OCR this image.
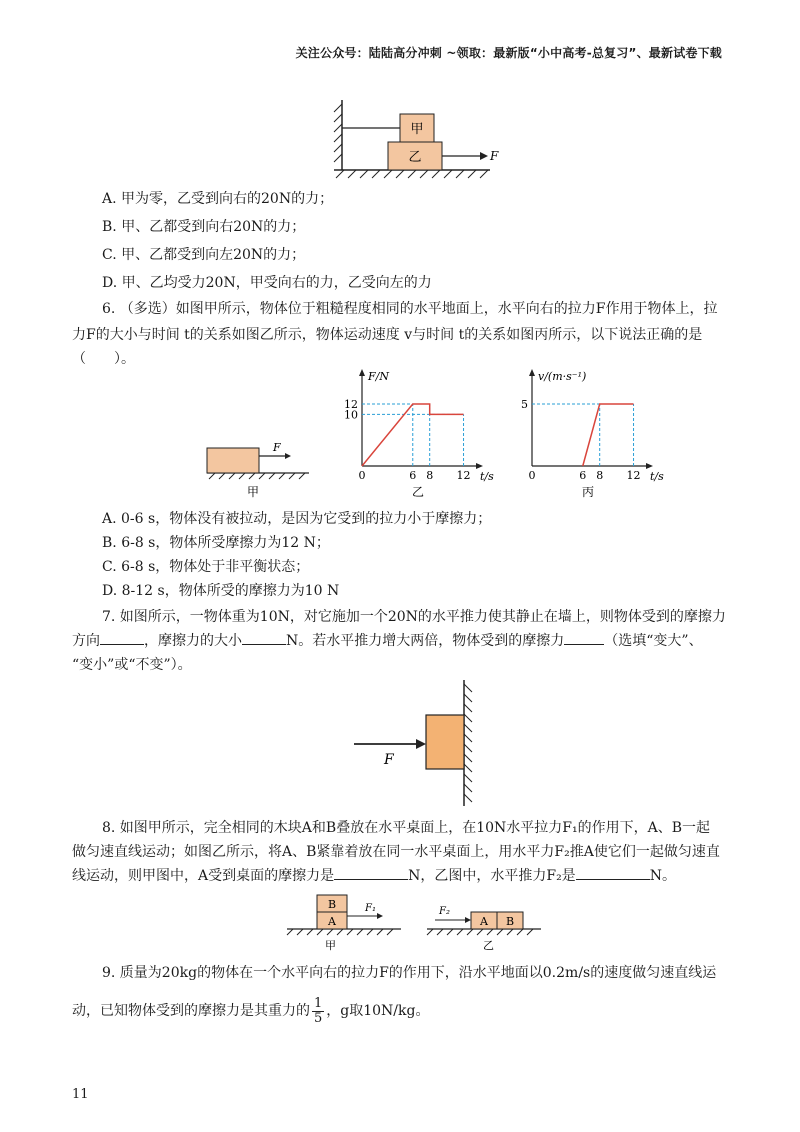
关注公众号：陆陆高分冲刺 ~领取：最新版“小中高考-总复习”、最新试卷下载
甲
乙	F
A. 甲为零，乙受到向右的20N的力；
B. 甲、乙都受到向右20N的力；
C. 甲、乙都受到向左20N的力；
D. 甲、乙均受力20N，甲受向右的力，乙受向左的力
6. （多选）如图甲所示，物体位于粗糙程度相同的水平地面上，水平向右的拉力F作用于物体上，拉
力F的大小与时间 t的关系如图乙所示，物体运动速度 v与时间 t的关系如图丙所示，以下说法正确的是
（　　）。
F
甲
F/N
t/s
0	6 8 12
10
12
乙
v/(m·s⁻¹)
t/s
0	6 8 12
5
丙
A. 0-6 s，物体没有被拉动，是因为它受到的拉力小于摩擦力；
B. 6-8 s，物体所受摩擦力为12 N；
C. 6-8 s，物体处于非平衡状态；
D. 8-12 s，物体所受的摩擦力为10 N
7. 如图所示，一物体重为10N，对它施加一个20N的水平推力使其静止在墙上，则物体受到的摩擦力
方向	，摩擦力的大小	N。若水平推力增大两倍，物体受到的摩擦力	（选填“变大”、
“变小”或“不变”）。
F
8. 如图甲所示，完全相同的木块A和B叠放在水平桌面上，在10N水平拉力F₁的作用下，A、B一起
做匀速直线运动；如图乙所示，将A、B紧靠着放在同一水平桌面上，用水平力F₂推A使它们一起做匀速直
线运动，则甲图中，A受到桌面的摩擦力是	N，乙图中，水平推力F₂是	N。
B
A
F₁
甲
F₂
A B
乙
9. 质量为20kg的物体在一个水平向右的拉力F的作用下，沿水平地面以0.2m/s的速度做匀速直线运
动，已知物体受到的摩擦力是其重力的 $\frac{1}{5}$ ，g取10N/kg。
11
